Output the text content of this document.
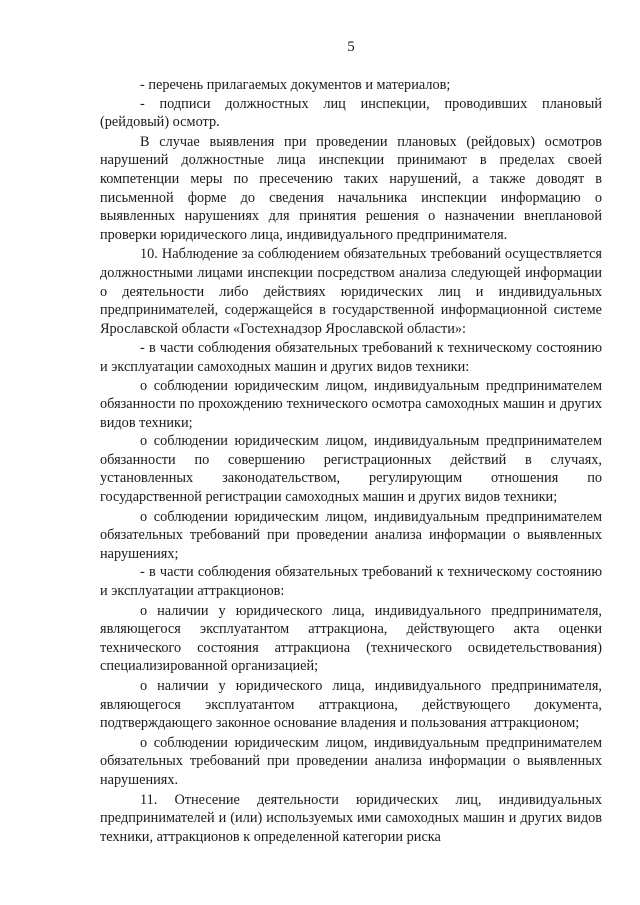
5

- перечень прилагаемых документов и материалов;

- подписи должностных лиц инспекции, проводивших плановый (рейдовый) осмотр.

В случае выявления при проведении плановых (рейдовых) осмотров нарушений должностные лица инспекции принимают в пределах своей компетенции меры по пресечению таких нарушений, а также доводят в письменной форме до сведения начальника инспекции информацию о выявленных нарушениях для принятия решения о назначении внеплановой проверки юридического лица, индивидуального предпринимателя.

10. Наблюдение за соблюдением обязательных требований осуществляется должностными лицами инспекции посредством анализа следующей информации о деятельности либо действиях юридических лиц и индивидуальных предпринимателей, содержащейся в государственной информационной системе Ярославской области «Гостехнадзор Ярославской области»:

- в части соблюдения обязательных требований к техническому состоянию и эксплуатации самоходных машин и других видов техники:

о соблюдении юридическим лицом, индивидуальным предпринимателем обязанности по прохождению технического осмотра самоходных машин и других видов техники;

о соблюдении юридическим лицом, индивидуальным предпринимателем обязанности по совершению регистрационных действий в случаях, установленных законодательством, регулирующим отношения по государственной регистрации самоходных машин и других видов техники;

о соблюдении юридическим лицом, индивидуальным предпринимателем обязательных требований при проведении анализа информации о выявленных нарушениях;

- в части соблюдения обязательных требований к техническому состоянию и эксплуатации аттракционов:

о наличии у юридического лица, индивидуального предпринимателя, являющегося эксплуатантом аттракциона, действующего акта оценки технического состояния аттракциона (технического освидетельствования) специализированной организацией;

о наличии у юридического лица, индивидуального предпринимателя, являющегося эксплуатантом аттракциона, действующего документа, подтверждающего законное основание владения и пользования аттракционом;

о соблюдении юридическим лицом, индивидуальным предпринимателем обязательных требований при проведении анализа информации о выявленных нарушениях.

11. Отнесение деятельности юридических лиц, индивидуальных предпринимателей и (или) используемых ими самоходных машин и других видов техники, аттракционов к определенной категории риска
